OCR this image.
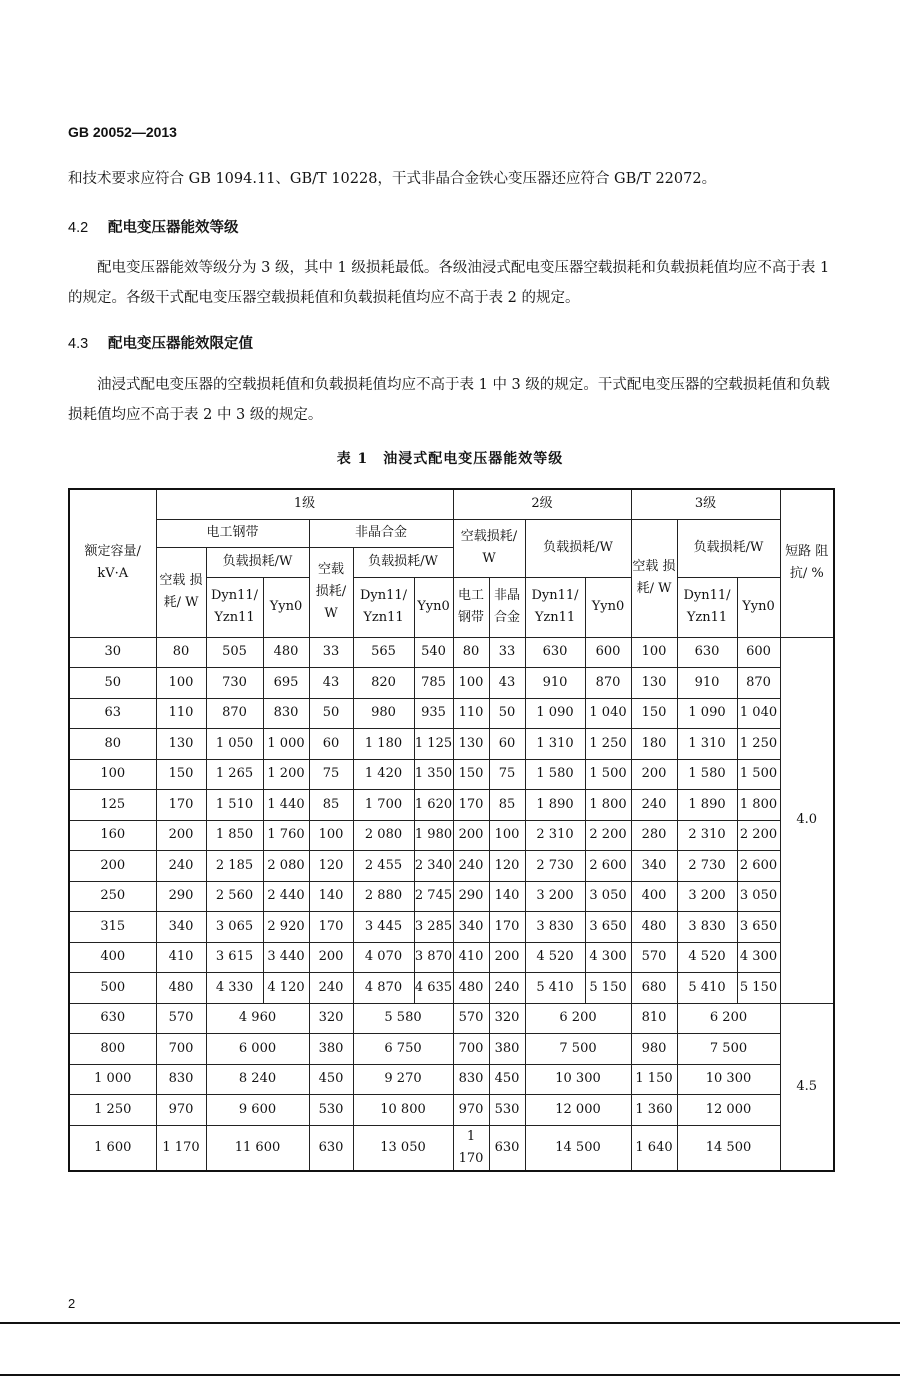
GB 20052—2013
和技术要求应符合 GB 1094.11、GB/T 10228，干式非晶合金铁心变压器还应符合 GB/T 22072。
4.2 配电变压器能效等级
配电变压器能效等级分为 3 级，其中 1 级损耗最低。各级油浸式配电变压器空载损耗和负载损耗值均应不高于表 1 的规定。各级干式配电变压器空载损耗值和负载损耗值均应不高于表 2 的规定。
4.3 配电变压器能效限定值
油浸式配电变压器的空载损耗值和负载损耗值均应不高于表 1 中 3 级的规定。干式配电变压器的空载损耗值和负载损耗值均应不高于表 2 中 3 级的规定。
表 1　油浸式配电变压器能效等级
额定容量/ kV·A	1级						2级				3级			短路 阻抗/ %
	电工钢带			非晶合金			空载损耗/ W		负载损耗/W		空载 损耗/ W	负载损耗/W		
	空载 损耗/ W	负载损耗/W		空载 损耗/ W	负载损耗/W									
		Dyn11/ Yzn11	Yyn0		Dyn11/ Yzn11	Yyn0	电工 钢带	非晶 合金	Dyn11/ Yzn11	Yyn0		Dyn11/ Yzn11	Yyn0	
30	80	505	480	33	565	540	80	33	630	600	100	630	600	4.0
50	100	730	695	43	820	785	100	43	910	870	130	910	870	
63	110	870	830	50	980	935	110	50	1 090	1 040	150	1 090	1 040	
80	130	1 050	1 000	60	1 180	1 125	130	60	1 310	1 250	180	1 310	1 250	
100	150	1 265	1 200	75	1 420	1 350	150	75	1 580	1 500	200	1 580	1 500	
125	170	1 510	1 440	85	1 700	1 620	170	85	1 890	1 800	240	1 890	1 800	
160	200	1 850	1 760	100	2 080	1 980	200	100	2 310	2 200	280	2 310	2 200	
200	240	2 185	2 080	120	2 455	2 340	240	120	2 730	2 600	340	2 730	2 600	
250	290	2 560	2 440	140	2 880	2 745	290	140	3 200	3 050	400	3 200	3 050	
315	340	3 065	2 920	170	3 445	3 285	340	170	3 830	3 650	480	3 830	3 650	
400	410	3 615	3 440	200	4 070	3 870	410	200	4 520	4 300	570	4 520	4 300	
500	480	4 330	4 120	240	4 870	4 635	480	240	5 410	5 150	680	5 410	5 150	
630	570	4 960		320	5 580		570	320	6 200		810	6 200		4.5
800	700	6 000		380	6 750		700	380	7 500		980	7 500		
1 000	830	8 240		450	9 270		830	450	10 300		1 150	10 300		
1 250	970	9 600		530	10 800		970	530	12 000		1 360	12 000		
1 600	1 170	11 600		630	13 050		1 170	630	14 500		1 640	14 500		
2
